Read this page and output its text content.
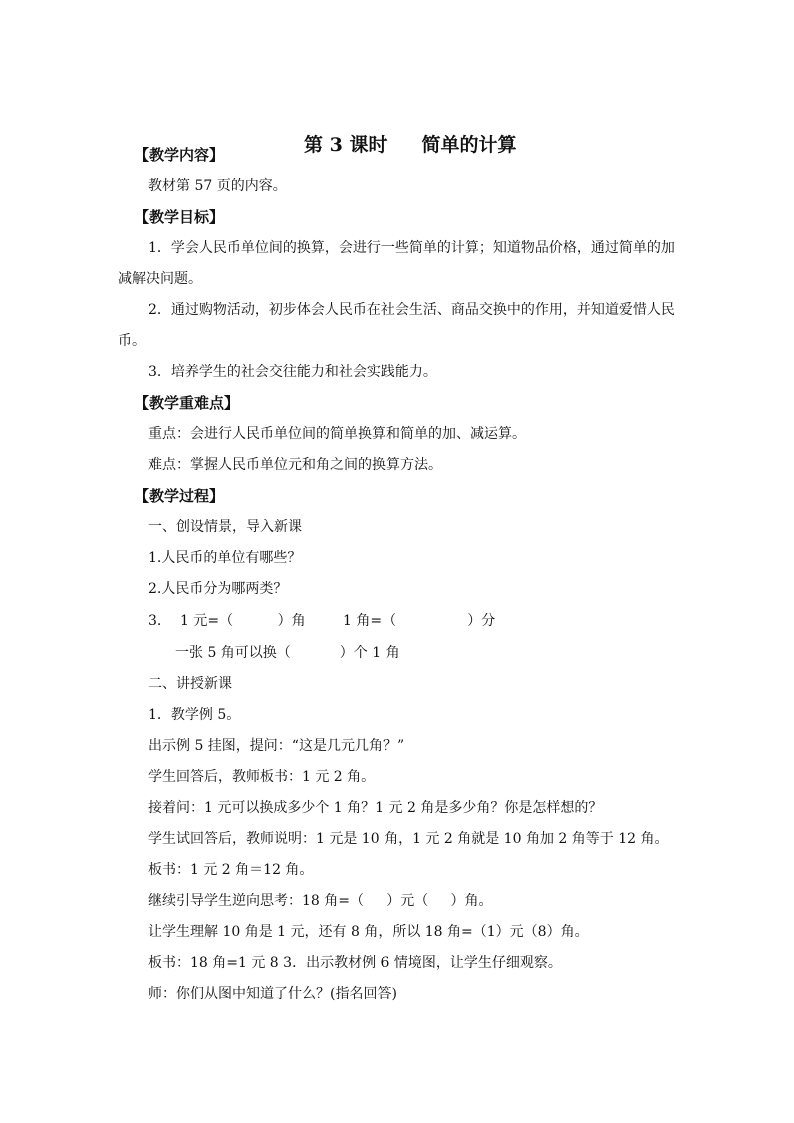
第 3 课时 简单的计算

【教学内容】
教材第 57 页的内容。
【教学目标】
1．学会人民币单位间的换算，会进行一些简单的计算；知道物品价格，通过简单的加
减解决问题。
2．通过购物活动，初步体会人民币在社会生活、商品交换中的作用，并知道爱惜人民
币。
3．培养学生的社会交往能力和社会实践能力。
【教学重难点】
重点：会进行人民币单位间的简单换算和简单的加、减运算。
难点：掌握人民币单位元和角之间的换算方法。
【教学过程】
一、创设情景，导入新课
1.人民币的单位有哪些？
2.人民币分为哪两类？
3. 1 元=（          ）角	1 角=（                ）分
一张 5 角可以换（           ）个 1 角
二、讲授新课
1．教学例 5。
出示例 5 挂图，提问：“这是几元几角？”
学生回答后，教师板书：1 元 2 角。
接着问：1 元可以换成多少个 1 角？1 元 2 角是多少角？你是怎样想的？
学生试回答后，教师说明：1 元是 10 角，1 元 2 角就是 10 角加 2 角等于 12 角。
板书：1 元 2 角＝12 角。
继续引导学生逆向思考：18 角=（     ）元（     ）角。
让学生理解 10 角是 1 元，还有 8 角，所以 18 角=（1）元（8）角。
板书：18 角=1 元 8 3．出示教材例 6 情境图，让学生仔细观察。
师：你们从图中知道了什么？(指名回答)
